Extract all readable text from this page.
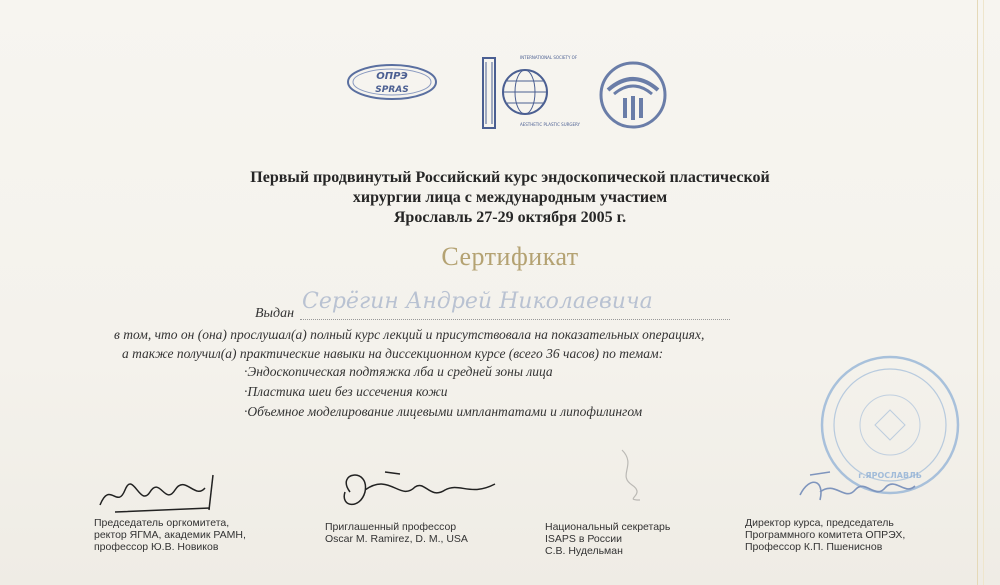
ОПРЭ
SPRAS
INTERNATIONAL SOCIETY OF
AESTHETIC PLASTIC SURGERY
Первый продвинутый Российский курс эндоскопической пластической
хирургии лица с международным участием
Ярославль 27-29 октября 2005 г.
Сертификат
Выдан Серёгин Андрей Николаевича
в том, что он (она) прослушал(а) полный курс лекций и присутствовала на показательных операциях,
а также получил(а) практические навыки на диссекционном курсе (всего 36 часов) по темам:
·Эндоскопическая подтяжка лба и средней зоны лица
·Пластика шеи без иссечения кожи
·Объемное моделирование лицевыми имплантатами и липофилингом
г.ЯРОСЛАВЛЬ
Председатель оргкомитета,
ректор ЯГМА, академик РАМН,
профессор Ю.В. Новиков
Приглашенный профессор
Oscar M. Ramirez, D. M., USA
Национальный секретарь
ISAPS в России
С.В. Нудельман
Директор курса, председатель
Программного комитета ОПРЭХ,
Профессор К.П. Пшениснов
